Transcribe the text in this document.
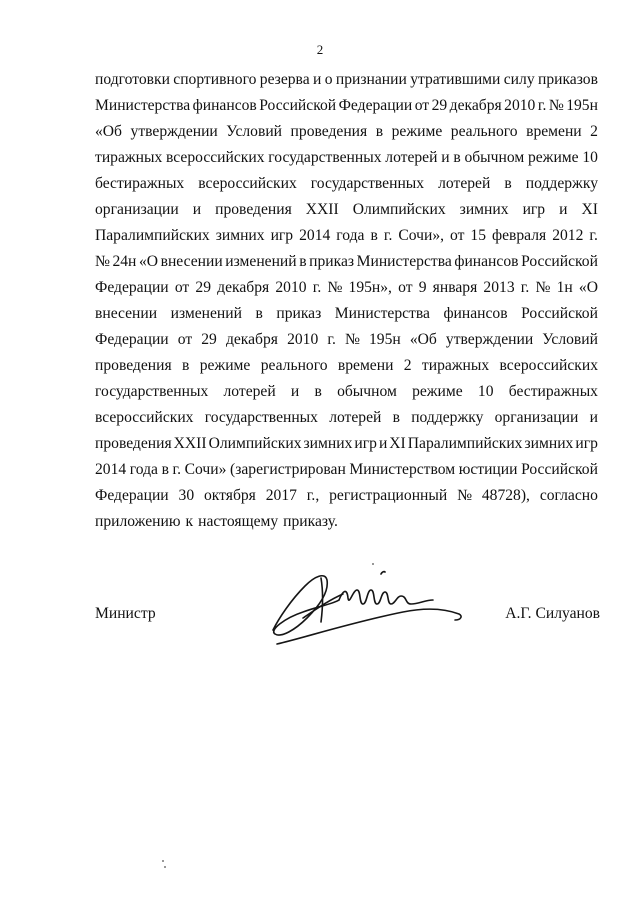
2
подготовки спортивного резерва и о признании утратившими силу приказов
Министерства финансов Российской Федерации от 29 декабря 2010 г. № 195н
«Об утверждении Условий проведения в режиме реального времени 2
тиражных всероссийских государственных лотерей и в обычном режиме 10
бестиражных всероссийских государственных лотерей в поддержку
организации и проведения XXII Олимпийских зимних игр и XI
Паралимпийских зимних игр 2014 года в г. Сочи», от 15 февраля 2012 г.
№ 24н «О внесении изменений в приказ Министерства финансов Российской
Федерации от 29 декабря 2010 г. № 195н», от 9 января 2013 г. № 1н «О
внесении изменений в приказ Министерства финансов Российской
Федерации от 29 декабря 2010 г. № 195н «Об утверждении Условий
проведения в режиме реального времени 2 тиражных всероссийских
государственных лотерей и в обычном режиме 10 бестиражных
всероссийских государственных лотерей в поддержку организации и
проведения XXII Олимпийских зимних игр и XI Паралимпийских зимних игр
2014 года в г. Сочи» (зарегистрирован Министерством юстиции Российской
Федерации 30 октября 2017 г., регистрационный № 48728), согласно
приложению к настоящему приказу.
Министр	А.Г. Силуанов
